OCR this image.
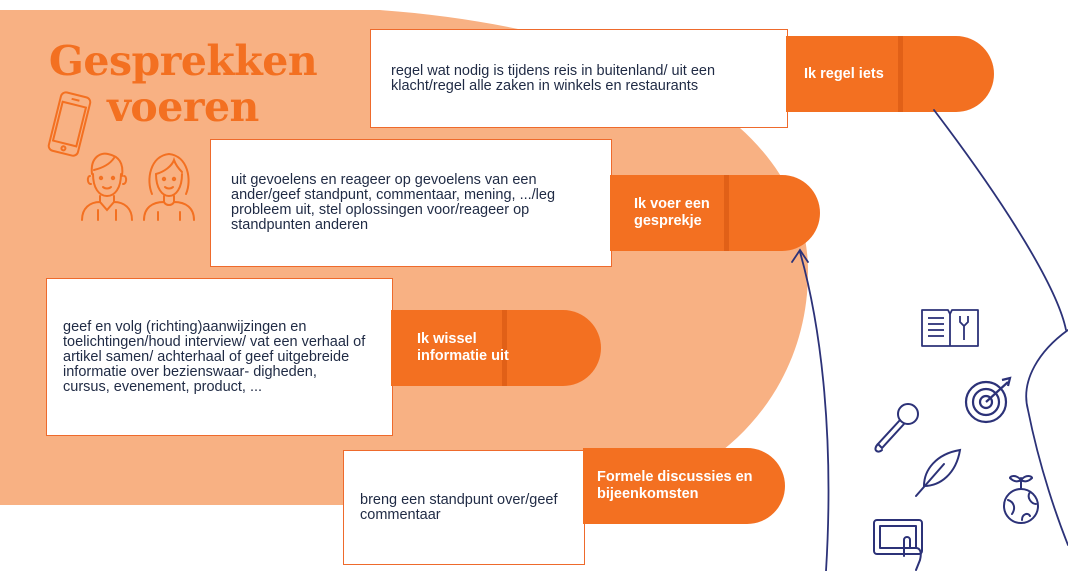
Gesprekken
voeren
regel wat nodig is tijdens reis in buitenland/ uit een klacht/regel alle zaken in winkels en restaurants
Ik regel iets
uit gevoelens en reageer op gevoelens van een ander/geef standpunt, commentaar, mening, .../leg probleem uit, stel oplossingen voor/reageer op standpunten anderen
Ik voer een gesprekje
geef en volg (richting)aanwijzingen en toelichtingen/houd interview/ vat een verhaal of artikel samen/ achterhaal of geef uitgebreide informatie over bezienswaar- digheden, cursus, evenement, product, ...
Ik wissel informatie uit
breng een standpunt over/geef commentaar
Formele discussies en bijeenkomsten
